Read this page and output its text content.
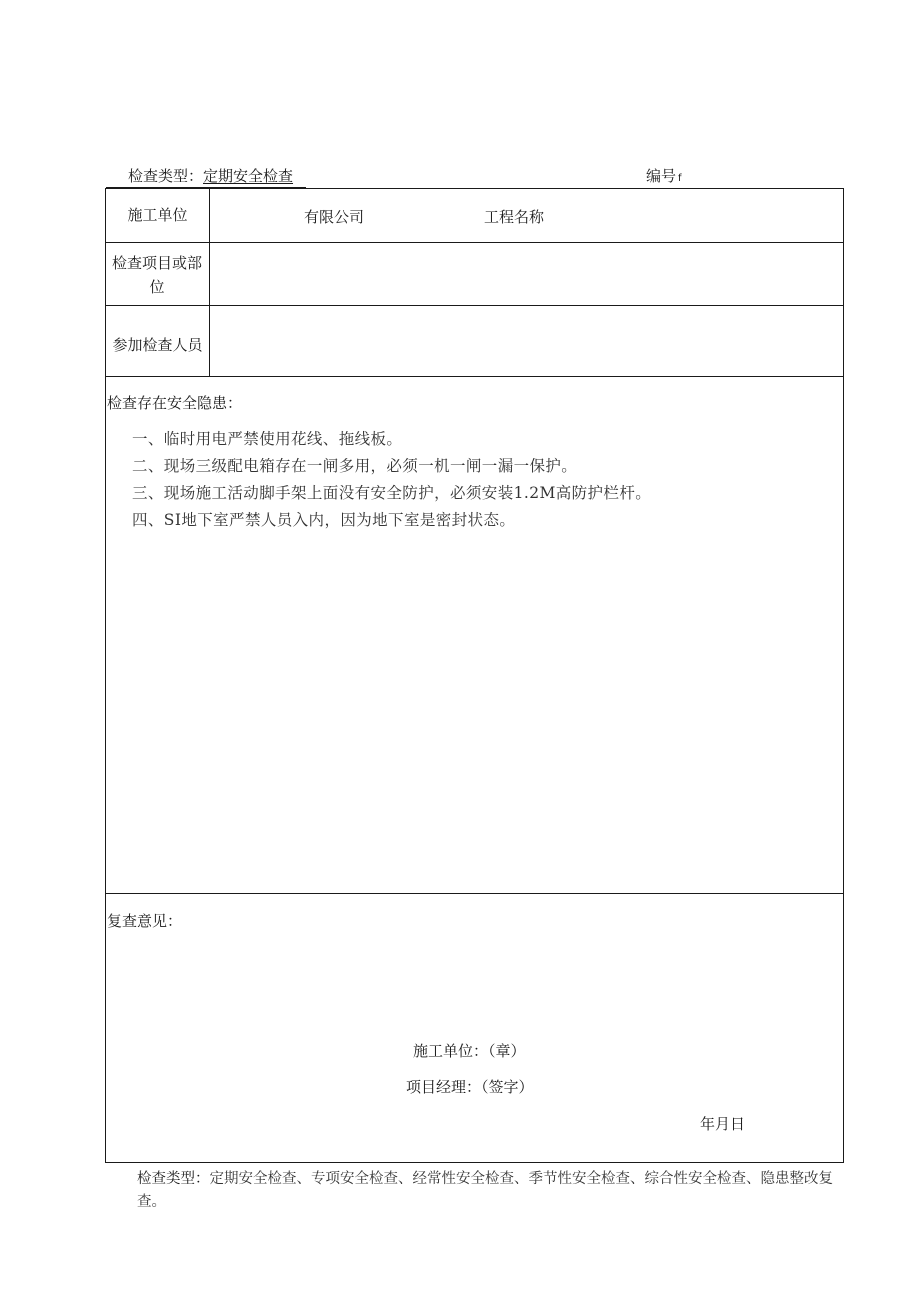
检查类型：定期安全检查	编号 f
施工单位	有限公司	工程名称
检查项目或部位
参加检查人员
检查存在安全隐患：
一、临时用电严禁使用花线、拖线板。
二、现场三级配电箱存在一闸多用，必须一机一闸一漏一保护。
三、现场施工活动脚手架上面没有安全防护，必须安装1.2M高防护栏杆。
四、SI地下室严禁人员入内，因为地下室是密封状态。
复查意见：
施工单位：（章）
项目经理：（签字）
年月日
检查类型：定期安全检查、专项安全检查、经常性安全检查、季节性安全检查、综合性安全检查、隐患整改复查。
